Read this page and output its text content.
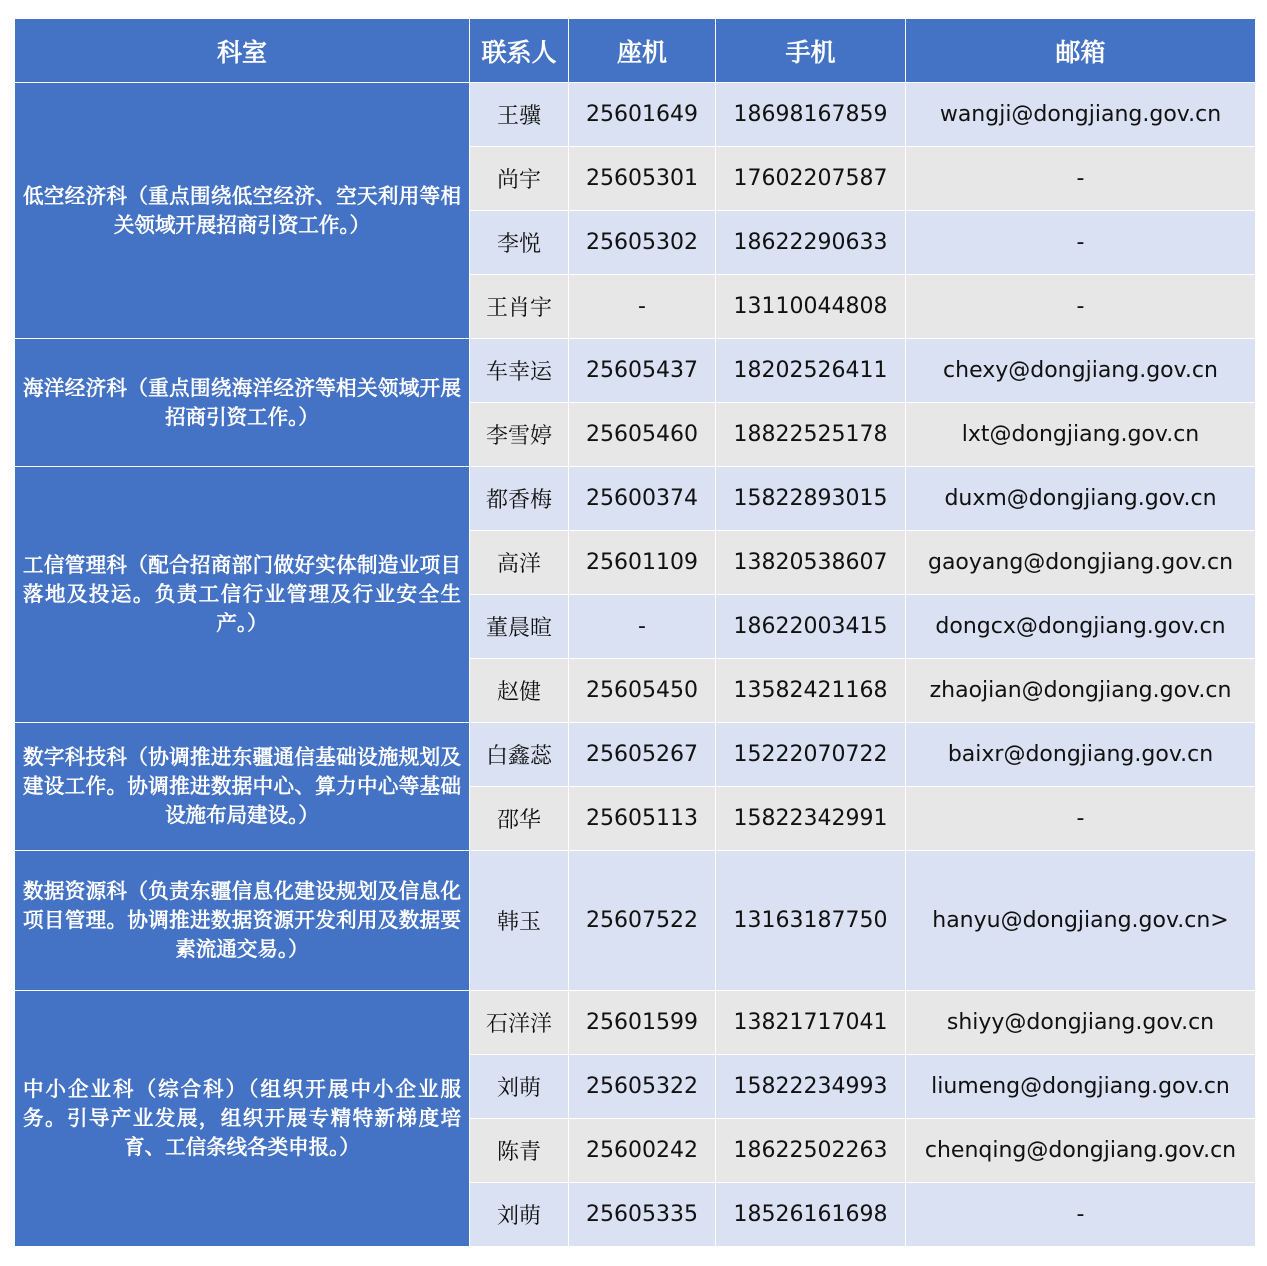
科室	联系人	座机	手机	邮箱
低空经济科（重点围绕低空经济、空天利用等相关领域开展招商引资工作。）	王骥	25601649	18698167859	wangji@dongjiang.gov.cn
	尚宇	25605301	17602207587	-
	李悦	25605302	18622290633	-
	王肖宇	-	13110044808	-
海洋经济科（重点围绕海洋经济等相关领域开展招商引资工作。）	车幸运	25605437	18202526411	chexy@dongjiang.gov.cn
	李雪婷	25605460	18822525178	lxt@dongjiang.gov.cn
工信管理科（配合招商部门做好实体制造业项目落地及投运。负责工信行业管理及行业安全生产。）	都香梅	25600374	15822893015	duxm@dongjiang.gov.cn
	高洋	25601109	13820538607	gaoyang@dongjiang.gov.cn
	董晨暄	-	18622003415	dongcx@dongjiang.gov.cn
	赵健	25605450	13582421168	zhaojian@dongjiang.gov.cn
数字科技科（协调推进东疆通信基础设施规划及建设工作。协调推进数据中心、算力中心等基础设施布局建设。）	白鑫蕊	25605267	15222070722	baixr@dongjiang.gov.cn
	邵华	25605113	15822342991	-
数据资源科（负责东疆信息化建设规划及信息化项目管理。协调推进数据资源开发利用及数据要素流通交易。）	韩玉	25607522	13163187750	hanyu@dongjiang.gov.cn>
中小企业科（综合科）（组织开展中小企业服务。引导产业发展，组织开展专精特新梯度培育、工信条线各类申报。）	石洋洋	25601599	13821717041	shiyy@dongjiang.gov.cn
	刘萌	25605322	15822234993	liumeng@dongjiang.gov.cn
	陈青	25600242	18622502263	chenqing@dongjiang.gov.cn
	刘萌	25605335	18526161698	-
